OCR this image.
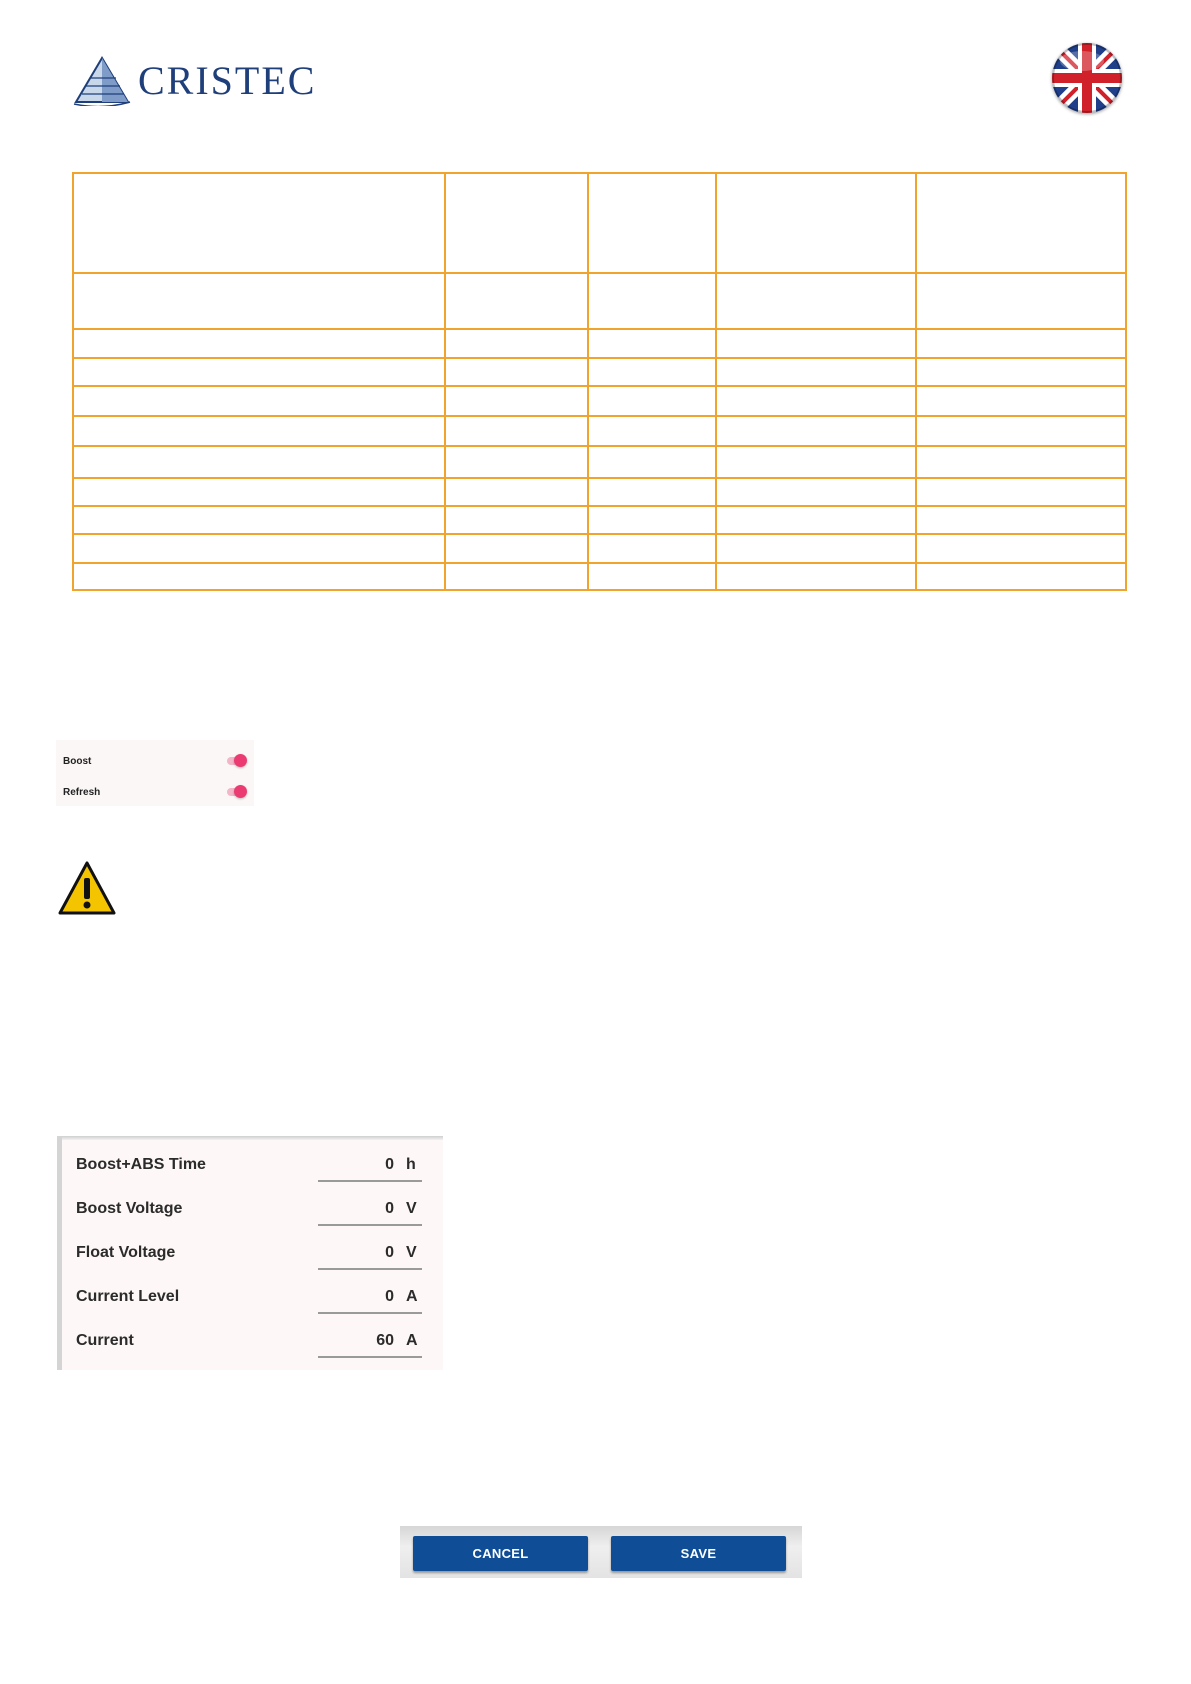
CRISTEC
Boost
Refresh
Boost+ABS Time	0 h
Boost Voltage	0 V
Float Voltage	0 V
Current Level	0 A
Current	60 A
CANCEL	SAVE
